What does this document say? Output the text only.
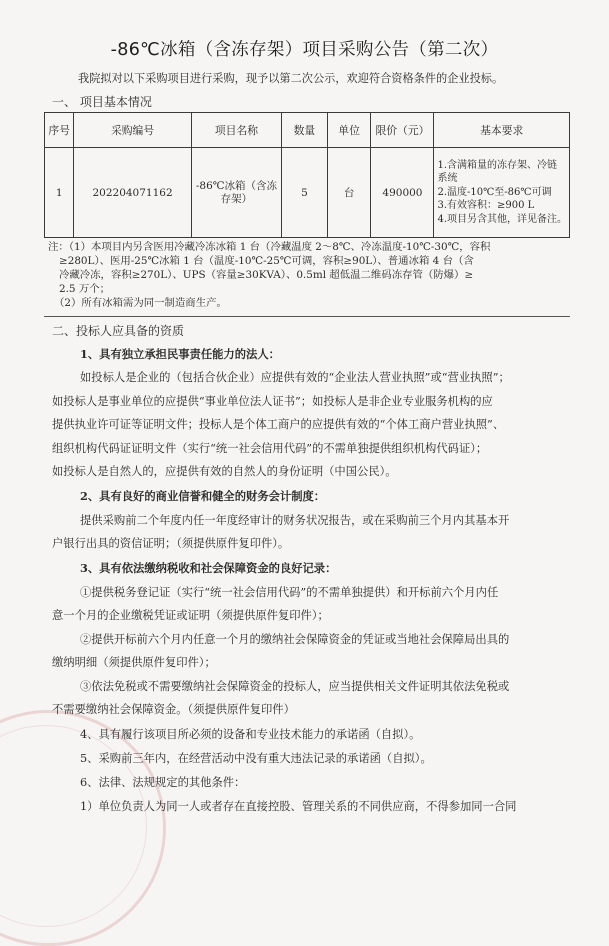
-86℃冰箱（含冻存架）项目采购公告（第二次）
我院拟对以下采购项目进行采购，现予以第二次公示，欢迎符合资格条件的企业投标。
一、 项目基本情况
序号	采购编号	项目名称	数量	单位	限价（元）	基本要求
1	202204071162	-86℃冰箱（含冻存架）	5	台	490000	1.含满箱量的冻存架、冷链
系统
2.温度-10℃至-86℃可调
3.有效容积：≥900 L
4.项目另含其他，详见备注。
注：（1）本项目内另含医用冷藏冷冻冰箱 1 台（冷藏温度 2～8℃、冷冻温度-10℃-30℃，容积
≥280L）、医用-25℃冰箱 1 台（温度-10℃-25℃可调，容积≥90L）、普通冰箱 4 台（含
冷藏冷冻，容积≥270L）、UPS（容量≥30KVA）、0.5ml 超低温二维码冻存管（防爆）≥
2.5 万个；
（2）所有冰箱需为同一制造商生产。
二、投标人应具备的资质
1、具有独立承担民事责任能力的法人：
如投标人是企业的（包括合伙企业）应提供有效的“企业法人营业执照”或“营业执照”；
如投标人是事业单位的应提供“事业单位法人证书”；如投标人是非企业专业服务机构的应
提供执业许可证等证明文件；投标人是个体工商户的应提供有效的“个体工商户营业执照”、
组织机构代码证证明文件（实行“统一社会信用代码”的不需单独提供组织机构代码证）；
如投标人是自然人的，应提供有效的自然人的身份证明（中国公民）。
2、具有良好的商业信誉和健全的财务会计制度：
提供采购前二个年度内任一年度经审计的财务状况报告，或在采购前三个月内其基本开
户银行出具的资信证明；（须提供原件复印件）。
3、具有依法缴纳税收和社会保障资金的良好记录：
①提供税务登记证（实行“统一社会信用代码”的不需单独提供）和开标前六个月内任
意一个月的企业缴税凭证或证明（须提供原件复印件）；
②提供开标前六个月内任意一个月的缴纳社会保障资金的凭证或当地社会保障局出具的
缴纳明细（须提供原件复印件）；
③依法免税或不需要缴纳社会保障资金的投标人，应当提供相关文件证明其依法免税或
不需要缴纳社会保障资金。（须提供原件复印件）
4、具有履行该项目所必须的设备和专业技术能力的承诺函（自拟）。
5、采购前三年内，在经营活动中没有重大违法记录的承诺函（自拟）。
6、法律、法规规定的其他条件：
1）单位负责人为同一人或者存在直接控股、管理关系的不同供应商，不得参加同一合同
